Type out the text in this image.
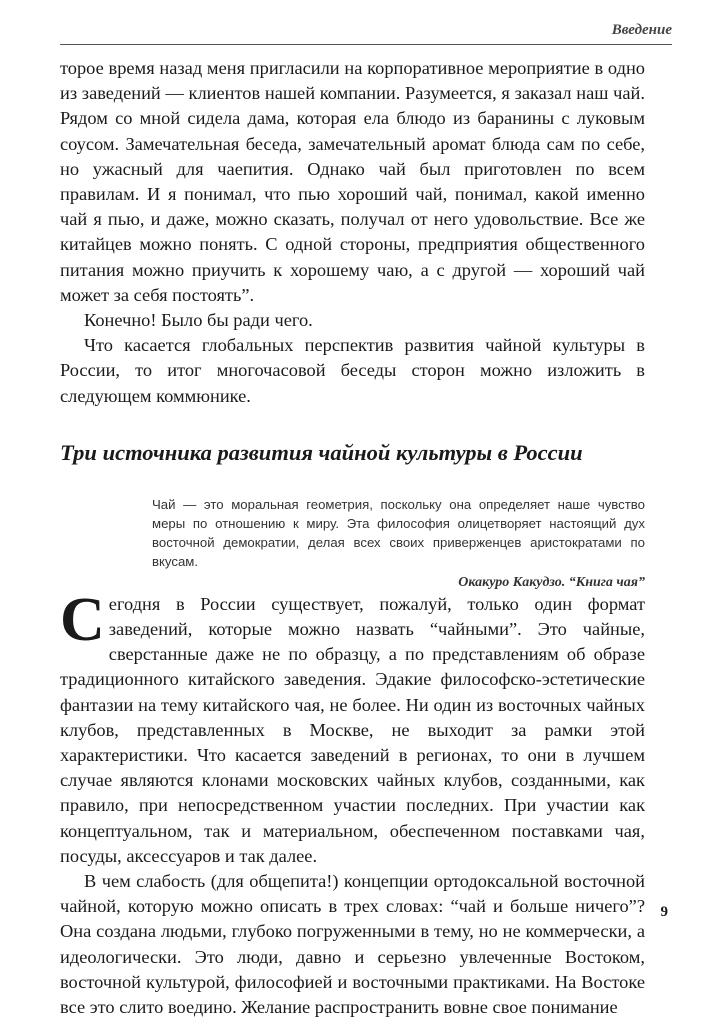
Введение

торое время назад меня пригласили на корпоративное мероприятие в одно из заведений — клиентов нашей компании. Разумеется, я заказал наш чай. Рядом со мной сидела дама, которая ела блюдо из баранины с луковым соусом. Замечательная беседа, замечательный аромат блюда сам по себе, но ужасный для чаепития. Однако чай был приготовлен по всем правилам. И я понимал, что пью хороший чай, понимал, какой именно чай я пью, и даже, можно сказать, получал от него удовольствие. Все же китайцев можно понять. С одной стороны, предприятия общественного питания можно приучить к хорошему чаю, а с другой — хороший чай может за себя постоять”.

Конечно! Было бы ради чего.

Что касается глобальных перспектив развития чайной культуры в России, то итог многочасовой беседы сторон можно изложить в следующем коммюнике.

Три источника развития чайной культуры в России

Чай — это моральная геометрия, поскольку она определяет наше чувство меры по отношению к миру. Эта философия олицетворяет настоящий дух восточной демократии, делая всех своих приверженцев аристократами по вкусам.

Окакуро Какудзо. “Книга чая”

Сегодня в России существует, пожалуй, только один формат заведений, которые можно назвать “чайными”. Это чайные, сверстанные даже не по образцу, а по представлениям об образе традиционного китайского заведения. Эдакие философско-эстетические фантазии на тему китайского чая, не более. Ни один из восточных чайных клубов, представленных в Москве, не выходит за рамки этой характеристики. Что касается заведений в регионах, то они в лучшем случае являются клонами московских чайных клубов, созданными, как правило, при непосредственном участии последних. При участии как концептуальном, так и материальном, обеспеченном поставками чая, посуды, аксессуаров и так далее.

В чем слабость (для общепита!) концепции ортодоксальной восточной чайной, которую можно описать в трех словах: “чай и больше ничего”? Она создана людьми, глубоко погруженными в тему, но не коммерчески, а идеологически. Это люди, давно и серьезно увлеченные Востоком, восточной культурой, философией и восточными практиками. На Востоке все это слито воедино. Желание распространить вовне свое понимание

9
